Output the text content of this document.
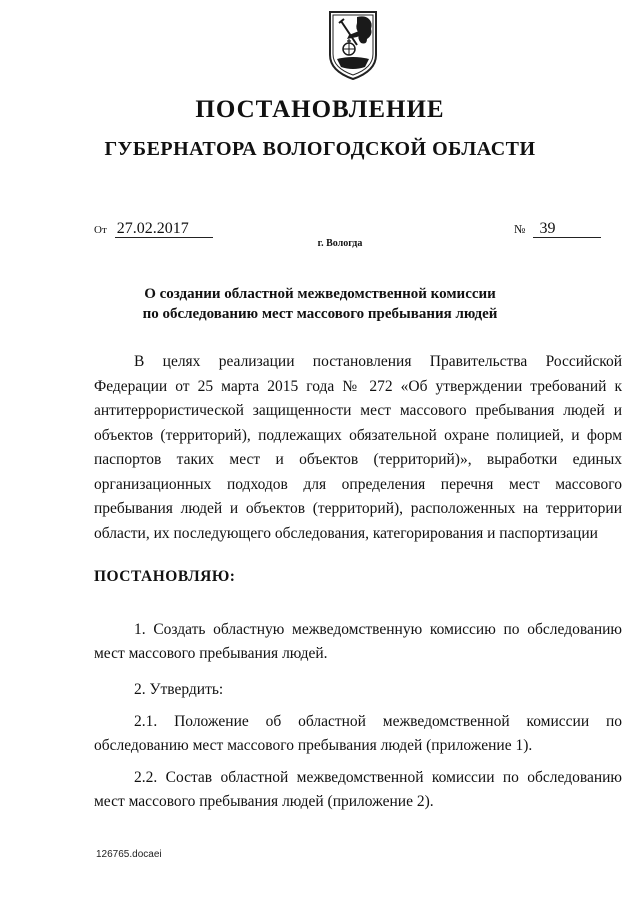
ПОСТАНОВЛЕНИЕ
ГУБЕРНАТОРА ВОЛОГОДСКОЙ ОБЛАСТИ
От 27.02.2017	№ 39
г. Вологда
О создании областной межведомственной комиссии
по обследованию мест массового пребывания людей

В целях реализации постановления Правительства Российской Федерации от 25 марта 2015 года № 272 «Об утверждении требований к антитеррористической защищенности мест массового пребывания людей и объектов (территорий), подлежащих обязательной охране полицией, и форм паспортов таких мест и объектов (территорий)», выработки единых организационных подходов для определения перечня мест массового пребывания людей и объектов (территорий), расположенных на территории области, их последующего обследования, категорирования и паспортизации

ПОСТАНОВЛЯЮ:

1. Создать областную межведомственную комиссию по обследованию мест массового пребывания людей.

2. Утвердить:

2.1. Положение об областной межведомственной комиссии по обследованию мест массового пребывания людей (приложение 1).

2.2. Состав областной межведомственной комиссии по обследованию мест массового пребывания людей (приложение 2).

126765.docaei
